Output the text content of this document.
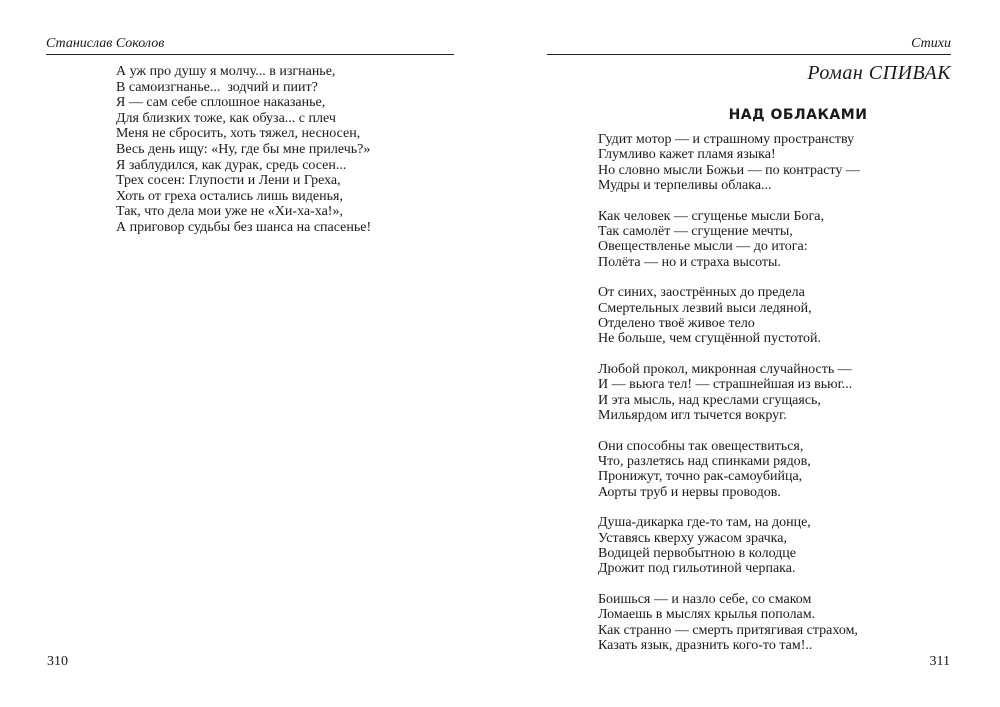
Станислав Соколов
А уж про душу я молчу... в изгнанье,
В самоизгнанье...  зодчий и пиит?
Я — сам себе сплошное наказанье,
Для близких тоже, как обуза... с плеч
Меня не сбросить, хоть тяжел, несносен,
Весь день ищу: «Ну, где бы мне прилечь?»
Я заблудился, как дурак, средь сосен...
Трех сосен: Глупости и Лени и Греха,
Хоть от греха остались лишь виденья,
Так, что дела мои уже не «Хи-ха-ха!»,
А приговор судьбы без шанса на спасенье!
310
Стихи
Роман СПИВАК
НАД ОБЛАКАМИ
Гудит мотор — и страшному пространству
Глумливо кажет пламя языка!
Но словно мысли Божьи — по контрасту —
Мудры и терпеливы облака...
Как человек — сгущенье мысли Бога,
Так самолёт — сгущение мечты,
Овеществленье мысли — до итога:
Полёта — но и страха высоты.
От синих, заострённых до предела
Смертельных лезвий выси ледяной,
Отделено твоё живое тело
Не больше, чем сгущённой пустотой.
Любой прокол, микронная случайность —
И — вьюга тел! — страшнейшая из вьюг...
И эта мысль, над креслами сгущаясь,
Мильярдом игл тычется вокруг.
Они способны так овеществиться,
Что, разлетясь над спинками рядов,
Пронижут, точно рак-самоубийца,
Аорты труб и нервы проводов.
Душа-дикарка где-то там, на донце,
Уставясь кверху ужасом зрачка,
Водицей первобытною в колодце
Дрожит под гильотиной черпака.
Боишься — и назло себе, со смаком
Ломаешь в мыслях крылья пополам.
Как странно — смерть притягивая страхом,
Казать язык, дразнить кого-то там!..
311
